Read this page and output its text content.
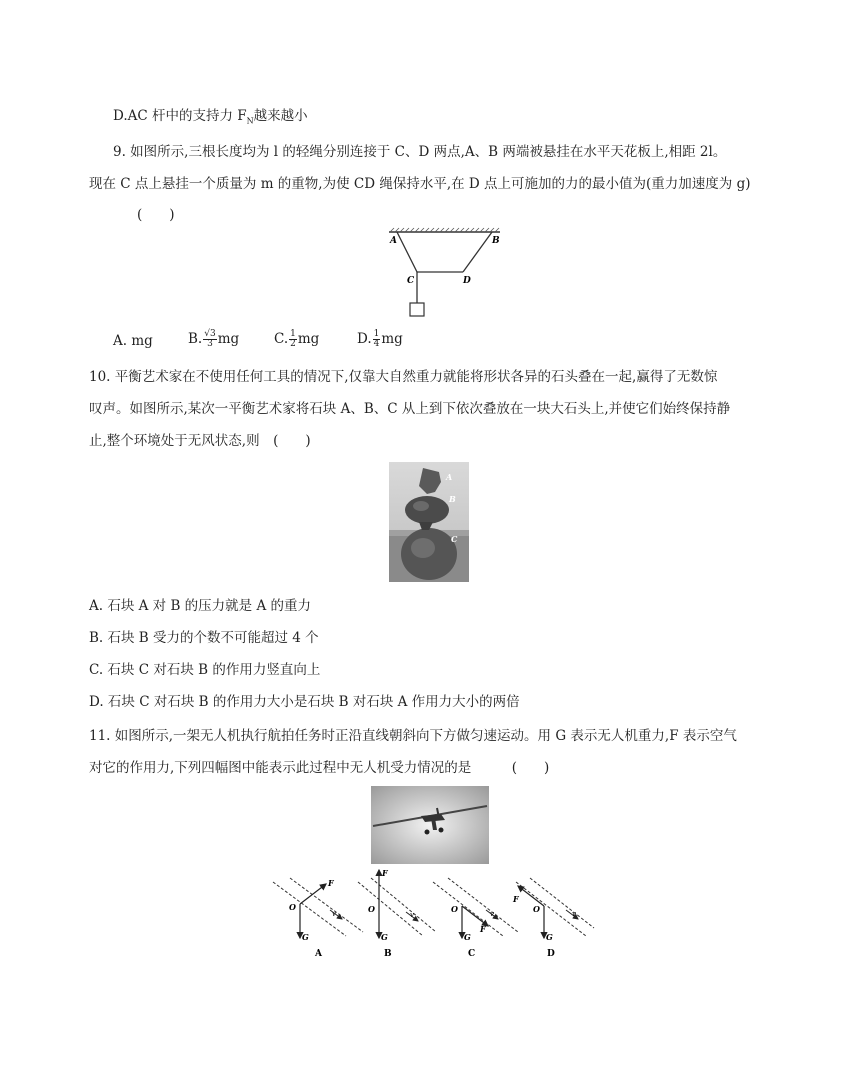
D.AC 杆中的支持力 $F_N$越来越小
9. 如图所示,三根长度均为 l 的轻绳分别连接于 C、D 两点,A、B 两端被悬挂在水平天花板上,相距 2l。
现在 C 点上悬挂一个质量为 m 的重物,为使 CD 绳保持水平,在 D 点上可施加的力的最小值为(重力加速度为 g)
(　　)
A	B
C	D
A. mg	B. $\frac{√3}{3}$ mg	C. $\frac{1}{2}$ mg	D. $\frac{1}{4}$ mg
10. 平衡艺术家在不使用任何工具的情况下,仅靠大自然重力就能将形状各异的石头叠在一起,赢得了无数惊
叹声。如图所示,某次一平衡艺术家将石块 A、B、C 从上到下依次叠放在一块大石头上,并使它们始终保持静
止,整个环境处于无风状态,则　(　　)
A
B
C
A. 石块 A 对 B 的压力就是 A 的重力
B. 石块 B 受力的个数不可能超过 4 个
C. 石块 C 对石块 B 的作用力竖直向上
D. 石块 C 对石块 B 的作用力大小是石块 B 对石块 A 作用力大小的两倍
11. 如图所示,一架无人机执行航拍任务时正沿直线朝斜向下方做匀速运动。用 G 表示无人机重力,F 表示空气
对它的作用力,下列四幅图中能表示此过程中无人机受力情况的是　　　(　　)
F
O
v
G
A
F
O
v
G
B
O
F
v
G
C
F
O	v
G
D
